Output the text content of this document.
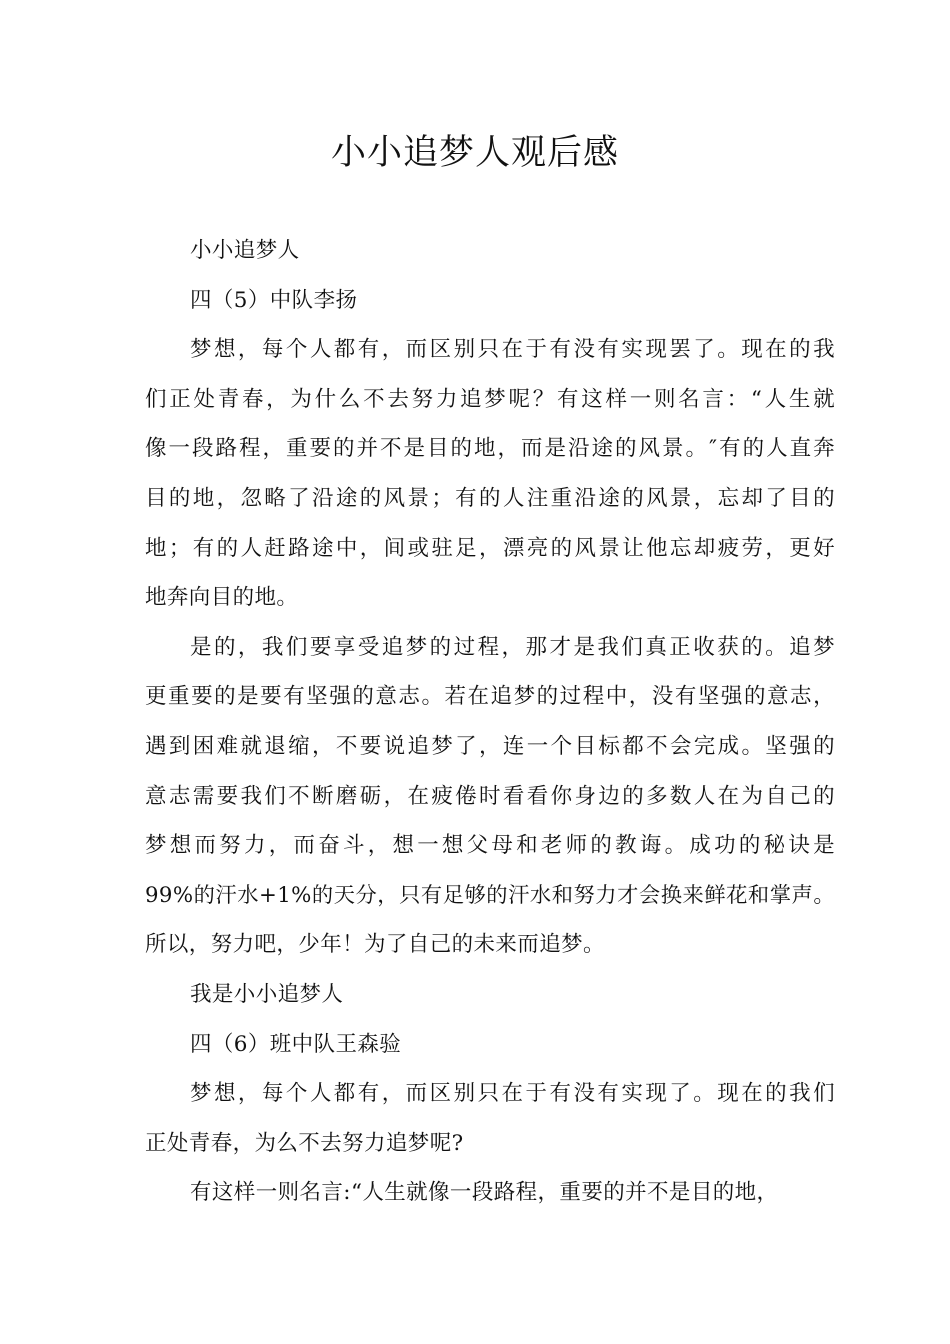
小小追梦人观后感
小小追梦人
四（5）中队李扬
梦想，每个人都有，而区别只在于有没有实现罢了。现在的我
们正处青春，为什么不去努力追梦呢？有这样一则名言：“人生就
像一段路程，重要的并不是目的地，而是沿途的风景。″有的人直奔
目的地，忽略了沿途的风景；有的人注重沿途的风景，忘却了目的
地；有的人赶路途中，间或驻足，漂亮的风景让他忘却疲劳，更好
地奔向目的地。
是的，我们要享受追梦的过程，那才是我们真正收获的。追梦
更重要的是要有坚强的意志。若在追梦的过程中，没有坚强的意志，
遇到困难就退缩，不要说追梦了，连一个目标都不会完成。坚强的
意志需要我们不断磨砺，在疲倦时看看你身边的多数人在为自己的
梦想而努力，而奋斗，想一想父母和老师的教诲。成功的秘诀是
99%的汗水+1%的天分，只有足够的汗水和努力才会换来鲜花和掌声。
所以，努力吧，少年！为了自己的未来而追梦。
我是小小追梦人
四（6）班中队王森验
梦想，每个人都有，而区别只在于有没有实现了。现在的我们
正处青春，为么不去努力追梦呢?
有这样一则名言:“人生就像一段路程，重要的并不是目的地，
